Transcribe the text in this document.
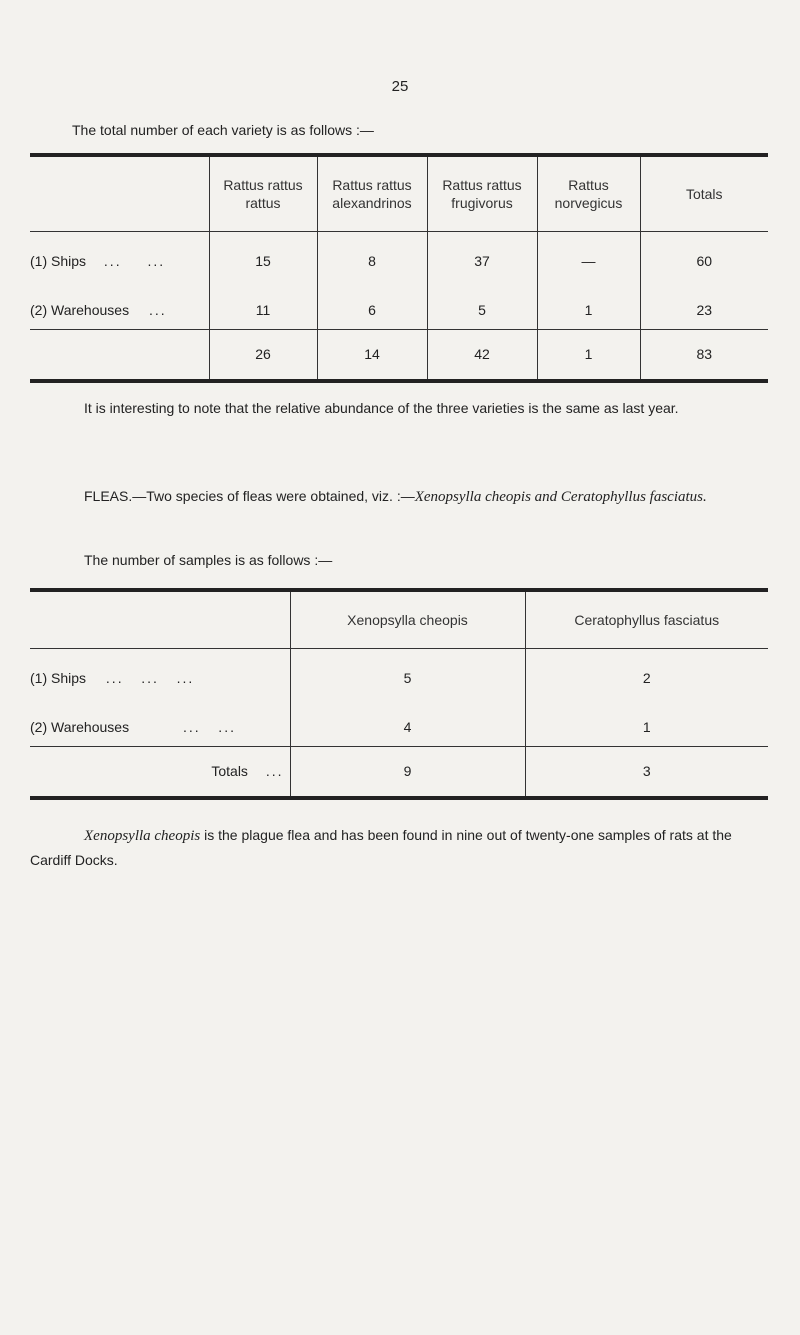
25
The total number of each variety is as follows :—
	Rattus rattus rattus	Rattus rattus alexandrinos	Rattus rattus frugivorus	Rattus norvegicus	Totals
(1) Ships ... ...	15	8	37	—	60
(2) Warehouses ...	11	6	5	1	23
	26	14	42	1	83
It is interesting to note that the relative abundance of the three varieties is the same as last year.
FLEAS.—Two species of fleas were obtained, viz. :—Xenopsylla cheopis and Ceratophyllus fasciatus.
The number of samples is as follows :—
	Xenopsylla cheopis	Ceratophyllus fasciatus
(1) Ships ...   ...   ...	5	2
(2) Warehouses ...   ...	4	1
Totals ...	9	3
Xenopsylla cheopis is the plague flea and has been found in nine out of twenty-one samples of rats at the Cardiff Docks.
